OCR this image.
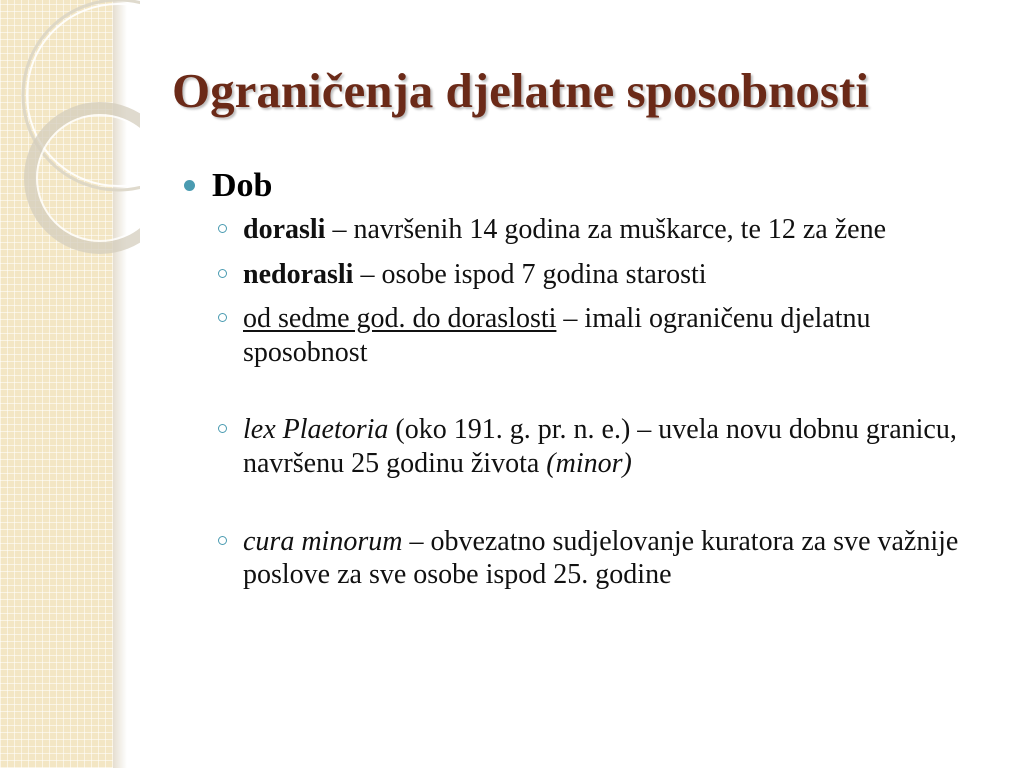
Ograničenja djelatne sposobnosti
Dob
dorasli – navršenih 14 godina za muškarce, te 12 za žene
nedorasli – osobe ispod 7 godina starosti
od sedme god. do doraslosti – imali ograničenu djelatnu sposobnost
lex Plaetoria (oko 191. g. pr. n. e.) – uvela novu dobnu granicu, navršenu 25 godinu života (minor)
cura minorum – obvezatno sudjelovanje kuratora za sve važnije poslove za sve osobe ispod 25. godine
